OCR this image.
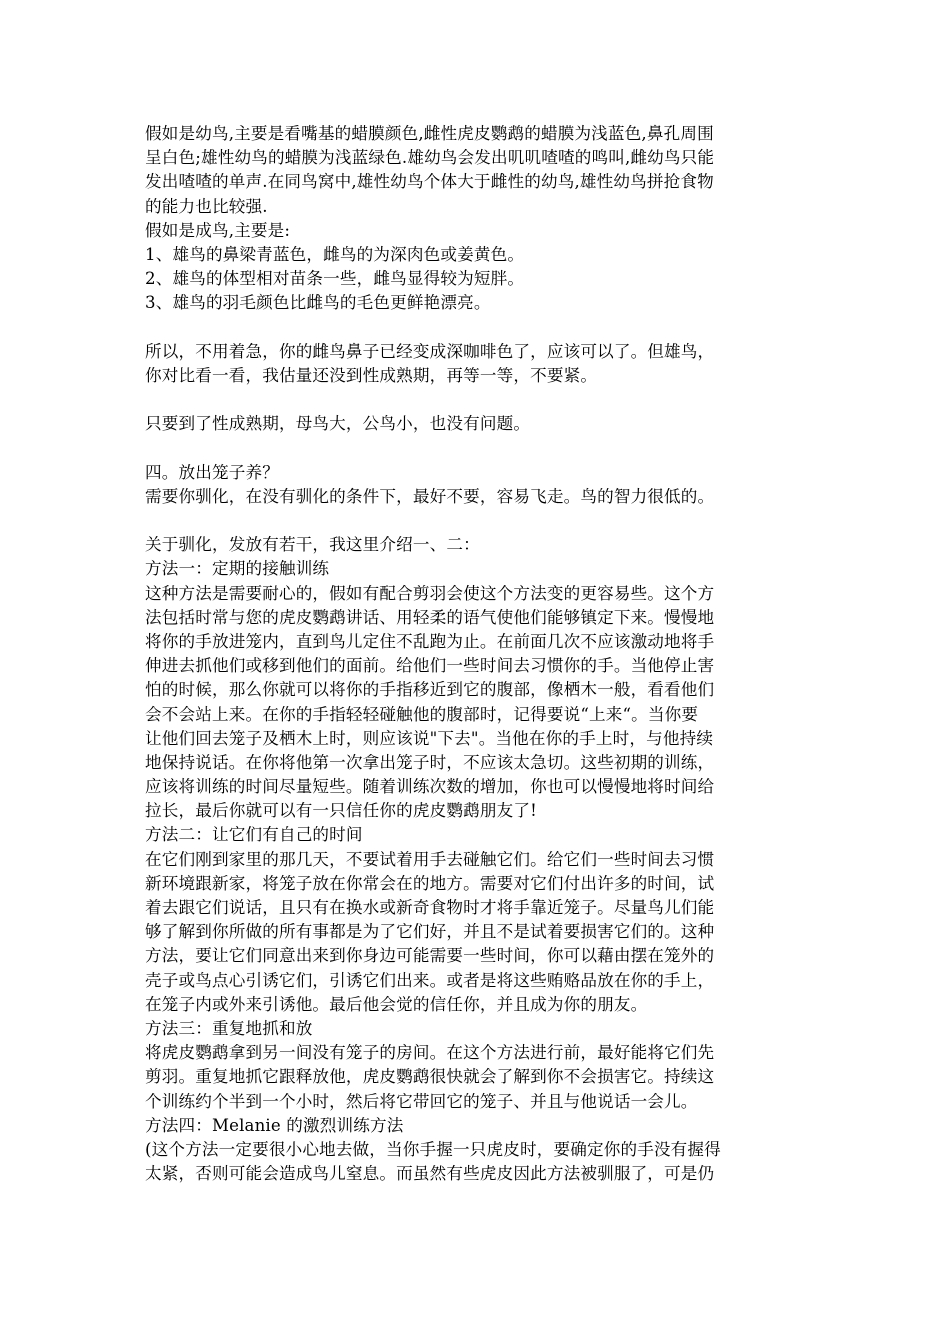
假如是幼鸟,主要是看嘴基的蜡膜颜色,雌性虎皮鹦鹉的蜡膜为浅蓝色,鼻孔周围
呈白色;雄性幼鸟的蜡膜为浅蓝绿色.雄幼鸟会发出叽叽喳喳的鸣叫,雌幼鸟只能
发出喳喳的单声.在同鸟窝中,雄性幼鸟个体大于雌性的幼鸟,雄性幼鸟拼抢食物
的能力也比较强.
假如是成鸟,主要是:
1、雄鸟的鼻梁青蓝色，雌鸟的为深肉色或姜黄色。
2、雄鸟的体型相对苗条一些，雌鸟显得较为短胖。
3、雄鸟的羽毛颜色比雌鸟的毛色更鲜艳漂亮。
所以，不用着急，你的雌鸟鼻子已经变成深咖啡色了，应该可以了。但雄鸟，
你对比看一看，我估量还没到性成熟期，再等一等，不要紧。
只要到了性成熟期，母鸟大，公鸟小，也没有问题。
四。放出笼子养？
需要你驯化，在没有驯化的条件下，最好不要，容易飞走。鸟的智力很低的。
关于驯化，发放有若干，我这里介绍一、二：
方法一：定期的接触训练
这种方法是需要耐心的，假如有配合剪羽会使这个方法变的更容易些。这个方
法包括时常与您的虎皮鹦鹉讲话、用轻柔的语气使他们能够镇定下来。慢慢地
将你的手放进笼内，直到鸟儿定住不乱跑为止。在前面几次不应该激动地将手
伸进去抓他们或移到他们的面前。给他们一些时间去习惯你的手。当他停止害
怕的时候，那么你就可以将你的手指移近到它的腹部，像栖木一般，看看他们
会不会站上来。在你的手指轻轻碰触他的腹部时，记得要说“上来“。当你要
让他们回去笼子及栖木上时，则应该说"下去"。当他在你的手上时，与他持续
地保持说话。在你将他第一次拿出笼子时，不应该太急切。这些初期的训练，
应该将训练的时间尽量短些。随着训练次数的增加，你也可以慢慢地将时间给
拉长，最后你就可以有一只信任你的虎皮鹦鹉朋友了!
方法二：让它们有自己的时间
在它们刚到家里的那几天，不要试着用手去碰触它们。给它们一些时间去习惯
新环境跟新家，将笼子放在你常会在的地方。需要对它们付出许多的时间，试
着去跟它们说话，且只有在换水或新奇食物时才将手靠近笼子。尽量鸟儿们能
够了解到你所做的所有事都是为了它们好，并且不是试着要损害它们的。这种
方法，要让它们同意出来到你身边可能需要一些时间，你可以藉由摆在笼外的
壳子或鸟点心引诱它们，引诱它们出来。或者是将这些贿赂品放在你的手上，
在笼子内或外来引诱他。最后他会觉的信任你，并且成为你的朋友。
方法三：重复地抓和放
将虎皮鹦鹉拿到另一间没有笼子的房间。在这个方法进行前，最好能将它们先
剪羽。重复地抓它跟释放他，虎皮鹦鹉很快就会了解到你不会损害它。持续这
个训练约个半到一个小时，然后将它带回它的笼子、并且与他说话一会儿。
方法四：Melanie 的激烈训练方法
(这个方法一定要很小心地去做，当你手握一只虎皮时，要确定你的手没有握得
太紧，否则可能会造成鸟儿窒息。而虽然有些虎皮因此方法被驯服了，可是仍
